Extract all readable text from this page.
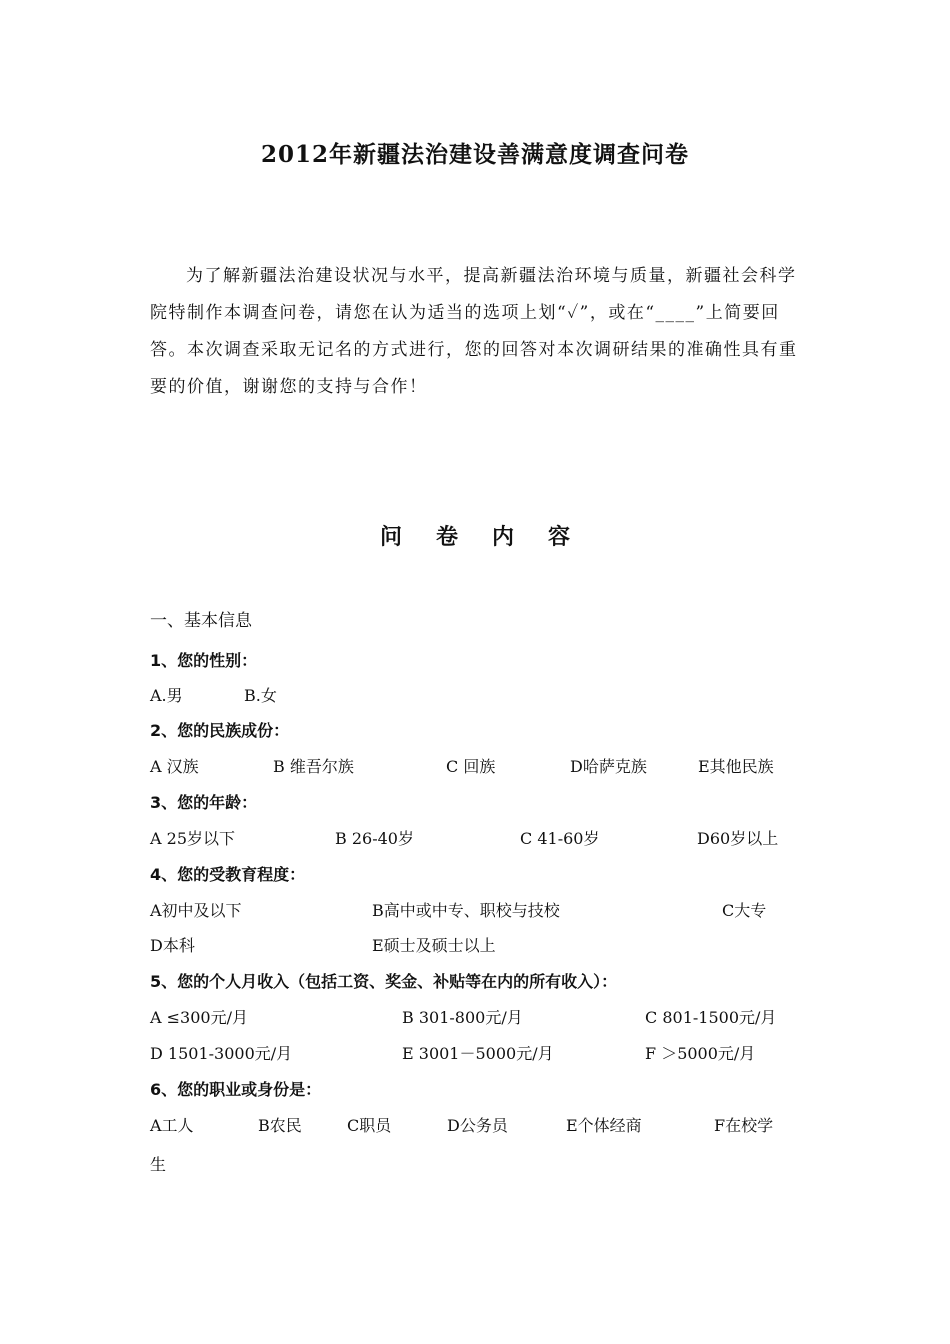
2012年新疆法治建设善满意度调查问卷

为了解新疆法治建设状况与水平，提高新疆法治环境与质量，新疆社会科学院特制作本调查问卷，请您在认为适当的选项上划“✓”，或在“____”上简要回答。本次调查采取无记名的方式进行，您的回答对本次调研结果的准确性具有重要的价值，谢谢您的支持与合作！

问 卷 内 容
一、基本信息
1、您的性别：
A.男	B.女
2、您的民族成份：
A 汉族	B 维吾尔族	C 回族	D哈萨克族	E其他民族
3、您的年龄：
A 25岁以下	B 26-40岁	C 41-60岁	D60岁以上
4、您的受教育程度：
A初中及以下	B高中或中专、职校与技校	C大专
D本科	E硕士及硕士以上
5、您的个人月收入（包括工资、奖金、补贴等在内的所有收入）：
A ≤300元/月	B 301-800元/月	C 801-1500元/月
D 1501-3000元/月	E 3001－5000元/月	F ＞5000元/月
6、您的职业或身份是：
A工人	B农民	C职员	D公务员	E个体经商	F在校学
生
